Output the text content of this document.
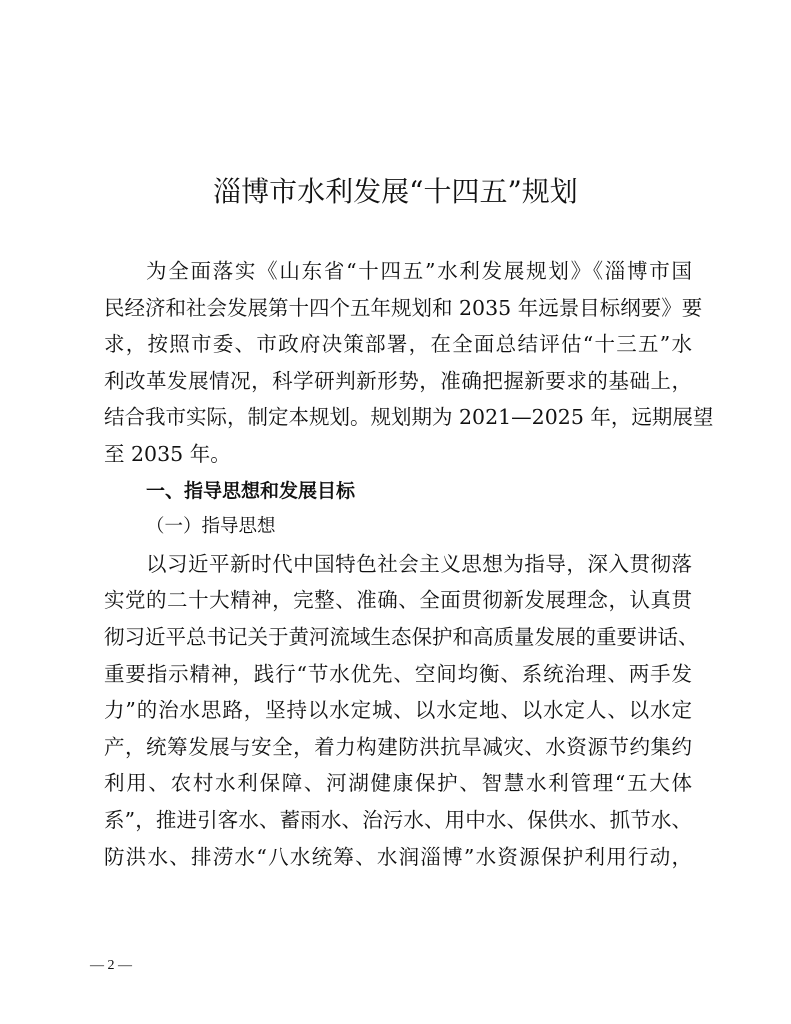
淄博市水利发展“十四五”规划
为全面落实《山东省“十四五”水利发展规划》《淄博市国
民经济和社会发展第十四个五年规划和 2035 年远景目标纲要》要
求，按照市委、市政府决策部署，在全面总结评估“十三五”水
利改革发展情况，科学研判新形势，准确把握新要求的基础上，
结合我市实际，制定本规划。规划期为 2021—2025 年，远期展望
至 2035 年。
一、指导思想和发展目标
（一）指导思想
以习近平新时代中国特色社会主义思想为指导，深入贯彻落
实党的二十大精神，完整、准确、全面贯彻新发展理念，认真贯
彻习近平总书记关于黄河流域生态保护和高质量发展的重要讲话、
重要指示精神，践行“节水优先、空间均衡、系统治理、两手发
力”的治水思路，坚持以水定城、以水定地、以水定人、以水定
产，统筹发展与安全，着力构建防洪抗旱减灾、水资源节约集约
利用、农村水利保障、河湖健康保护、智慧水利管理“五大体
系”，推进引客水、蓄雨水、治污水、用中水、保供水、抓节水、
防洪水、排涝水“八水统筹、水润淄博”水资源保护利用行动，
— 2 —
